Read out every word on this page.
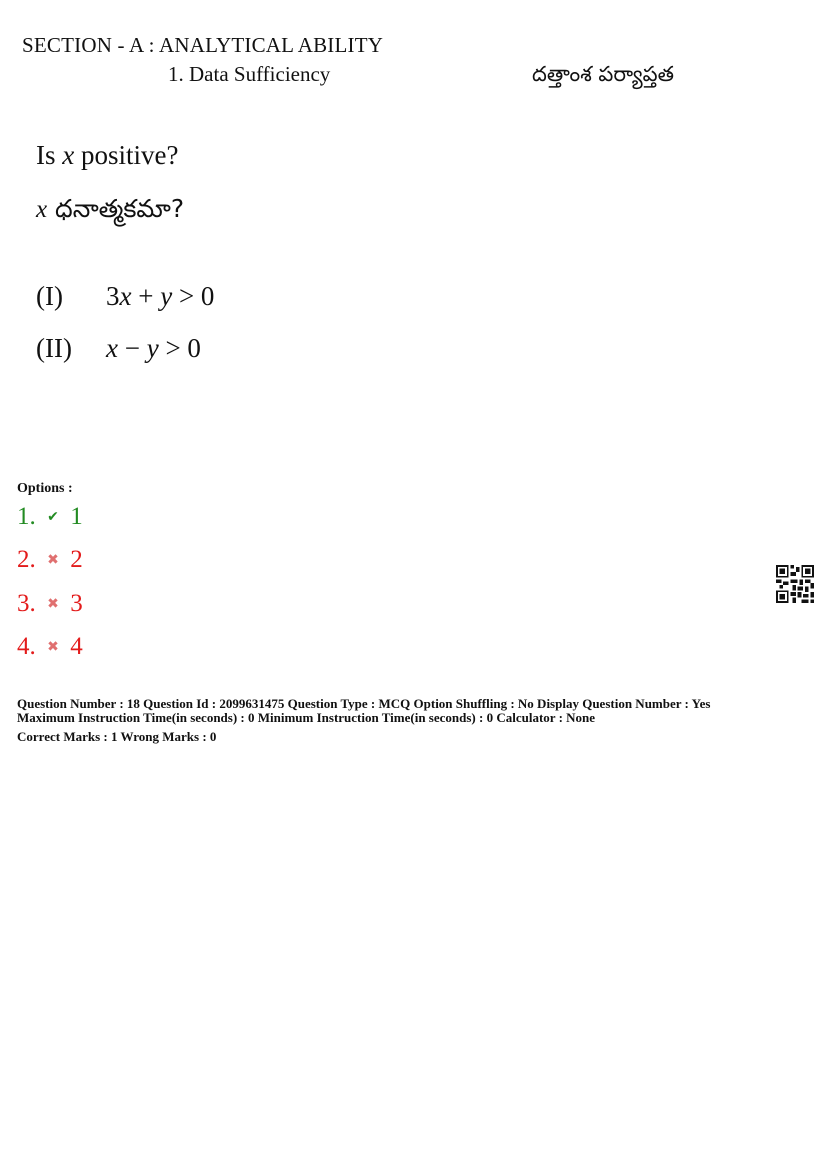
SECTION - A : ANALYTICAL ABILITY
1. Data Sufficiency	దత్తాంశ పర్యాప్తత
Is x positive?
x ధనాత్మకమా?
(I) 3x + y > 0
(II) x − y > 0
Options :
1. ✔ 1
2. ✖ 2
3. ✖ 3
4. ✖ 4
Question Number : 18 Question Id : 2099631475 Question Type : MCQ Option Shuffling : No Display Question Number : Yes
Maximum Instruction Time(in seconds) : 0 Minimum Instruction Time(in seconds) : 0 Calculator : None
Correct Marks : 1 Wrong Marks : 0
